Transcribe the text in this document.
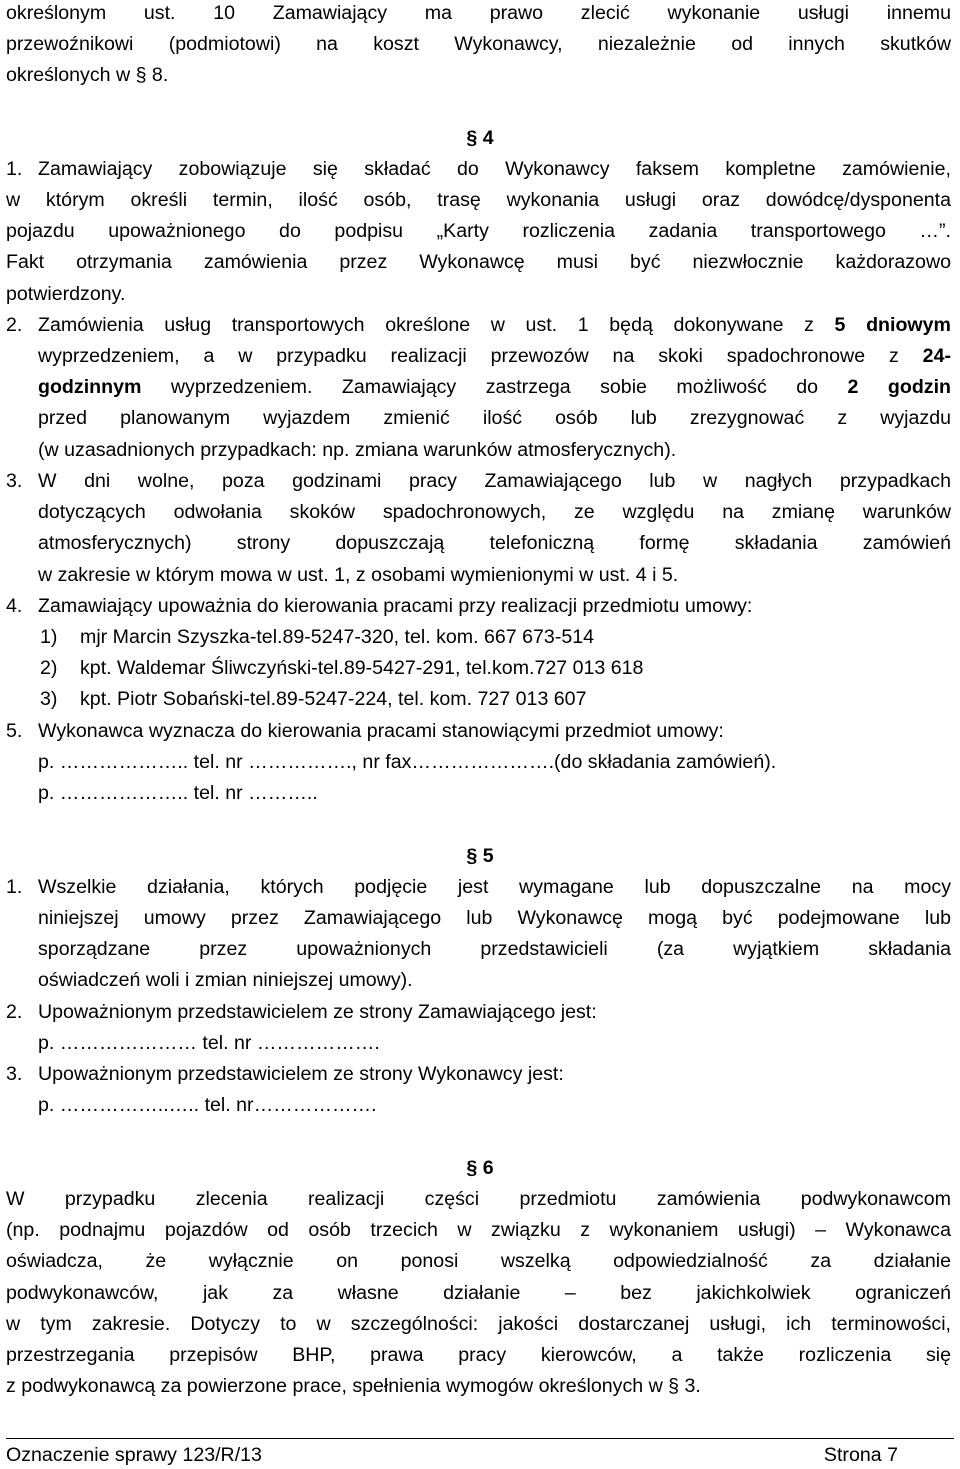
określonym ust. 10 Zamawiający ma prawo zlecić wykonanie usługi innemu
przewoźnikowi (podmiotowi) na koszt Wykonawcy, niezależnie od innych skutków
określonych w § 8.
§ 4
1. Zamawiający zobowiązuje się składać do Wykonawcy faksem kompletne zamówienie,
w którym określi termin, ilość osób, trasę wykonania usługi oraz dowódcę/dysponenta
pojazdu upoważnionego do podpisu „Karty rozliczenia zadania transportowego …”.
Fakt otrzymania zamówienia przez Wykonawcę musi być niezwłocznie każdorazowo
potwierdzony.
2. Zamówienia usług transportowych określone w ust. 1 będą dokonywane z 5 dniowym
wyprzedzeniem, a w przypadku realizacji przewozów na skoki spadochronowe z 24-
godzinnym wyprzedzeniem. Zamawiający zastrzega sobie możliwość do 2 godzin
przed planowanym wyjazdem zmienić ilość osób lub zrezygnować z wyjazdu
(w uzasadnionych przypadkach: np. zmiana warunków atmosferycznych).
3. W dni wolne, poza godzinami pracy Zamawiającego lub w nagłych przypadkach
dotyczących odwołania skoków spadochronowych, ze względu na zmianę warunków
atmosferycznych) strony dopuszczają telefoniczną formę składania zamówień
w zakresie w którym mowa w ust. 1, z osobami wymienionymi w ust. 4 i 5.
4. Zamawiający upoważnia do kierowania pracami przy realizacji przedmiotu umowy:
1)	mjr Marcin Szyszka-tel.89-5247-320, tel. kom. 667 673-514
2)	kpt. Waldemar Śliwczyński-tel.89-5427-291, tel.kom.727 013 618
3)	kpt. Piotr Sobański-tel.89-5247-224, tel. kom. 727 013 607
5. Wykonawca wyznacza do kierowania pracami stanowiącymi przedmiot umowy:
p. ……………….. tel. nr ……………., nr fax………………….(do składania zamówień).
p. ……………….. tel. nr ………..
§ 5
1. Wszelkie działania, których podjęcie jest wymagane lub dopuszczalne na mocy
niniejszej umowy przez Zamawiającego lub Wykonawcę mogą być podejmowane lub
sporządzane przez upoważnionych przedstawicieli (za wyjątkiem składania
oświadczeń woli i zmian niniejszej umowy).
2. Upoważnionym przedstawicielem ze strony Zamawiającego jest:
p. ………………… tel. nr ……………….
3. Upoważnionym przedstawicielem ze strony Wykonawcy jest:
p. ……………..….. tel. nr……………….
§ 6
W przypadku zlecenia realizacji części przedmiotu zamówienia podwykonawcom
(np. podnajmu pojazdów od osób trzecich w związku z wykonaniem usługi) – Wykonawca
oświadcza, że wyłącznie on ponosi wszelką odpowiedzialność za działanie
podwykonawców, jak za własne działanie – bez jakichkolwiek ograniczeń
w tym zakresie. Dotyczy to w szczególności: jakości dostarczanej usługi, ich terminowości,
przestrzegania przepisów BHP, prawa pracy kierowców, a także rozliczenia się
z podwykonawcą za powierzone prace, spełnienia wymogów określonych w § 3.
Oznaczenie sprawy 123/R/13	Strona 7
